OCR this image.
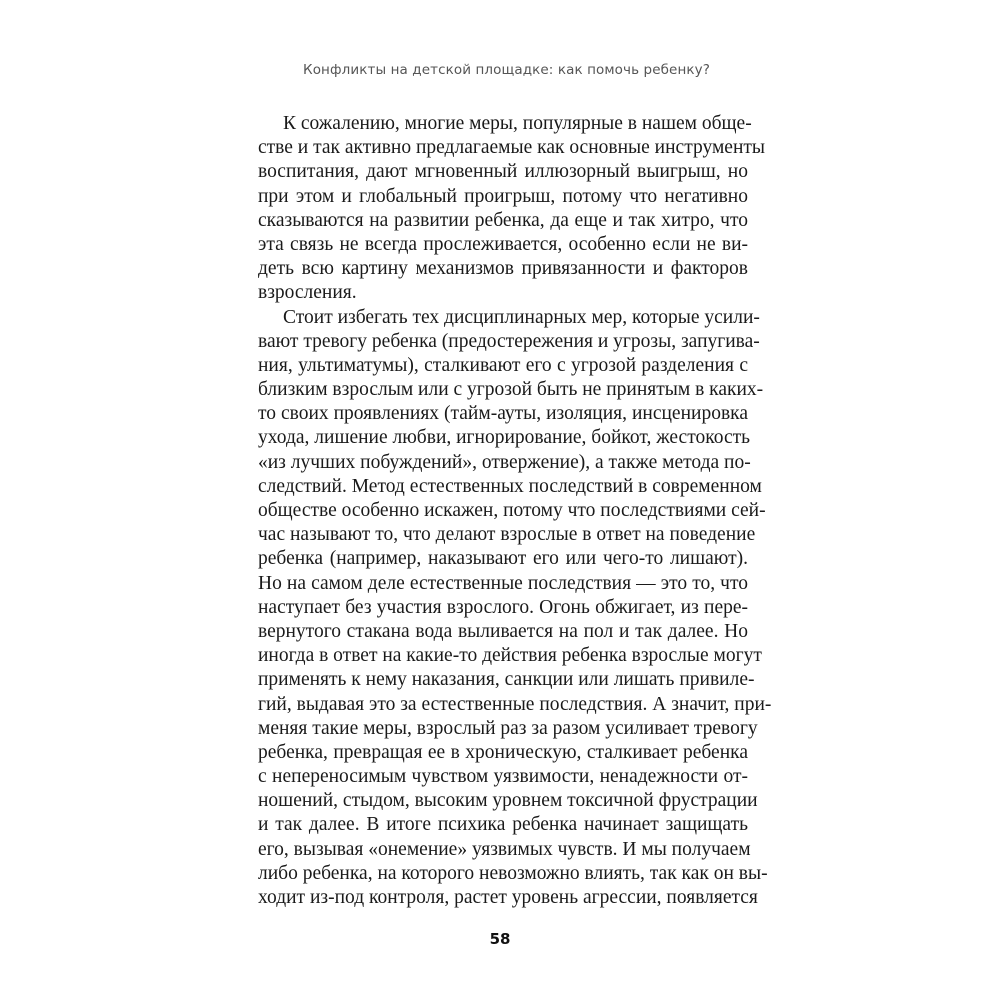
Конфликты на детской площадке: как помочь ребенку?
К сожалению, многие меры, популярные в нашем обще-
стве и так активно предлагаемые как основные инструменты
воспитания, дают мгновенный иллюзорный выигрыш, но
при этом и глобальный проигрыш, потому что негативно
сказываются на развитии ребенка, да еще и так хитро, что
эта связь не всегда прослеживается, особенно если не ви-
деть всю картину механизмов привязанности и факторов
взросления.
Стоит избегать тех дисциплинарных мер, которые усили-
вают тревогу ребенка (предостережения и угрозы, запугива-
ния, ультиматумы), сталкивают его с угрозой разделения с
близким взрослым или с угрозой быть не принятым в каких-
то своих проявлениях (тайм-ауты, изоляция, инсценировка
ухода, лишение любви, игнорирование, бойкот, жестокость
«из лучших побуждений», отвержение), а также метода по-
следствий. Метод естественных последствий в современном
обществе особенно искажен, потому что последствиями сей-
час называют то, что делают взрослые в ответ на поведение
ребенка (например, наказывают его или чего-то лишают).
Но на самом деле естественные последствия — это то, что
наступает без участия взрослого. Огонь обжигает, из пере-
вернутого стакана вода выливается на пол и так далее. Но
иногда в ответ на какие-то действия ребенка взрослые могут
применять к нему наказания, санкции или лишать привиле-
гий, выдавая это за естественные последствия. А значит, при-
меняя такие меры, взрослый раз за разом усиливает тревогу
ребенка, превращая ее в хроническую, сталкивает ребенка
с непереносимым чувством уязвимости, ненадежности от-
ношений, стыдом, высоким уровнем токсичной фрустрации
и так далее. В итоге психика ребенка начинает защищать
его, вызывая «онемение» уязвимых чувств. И мы получаем
либо ребенка, на которого невозможно влиять, так как он вы-
ходит из-под контроля, растет уровень агрессии, появляется
58
